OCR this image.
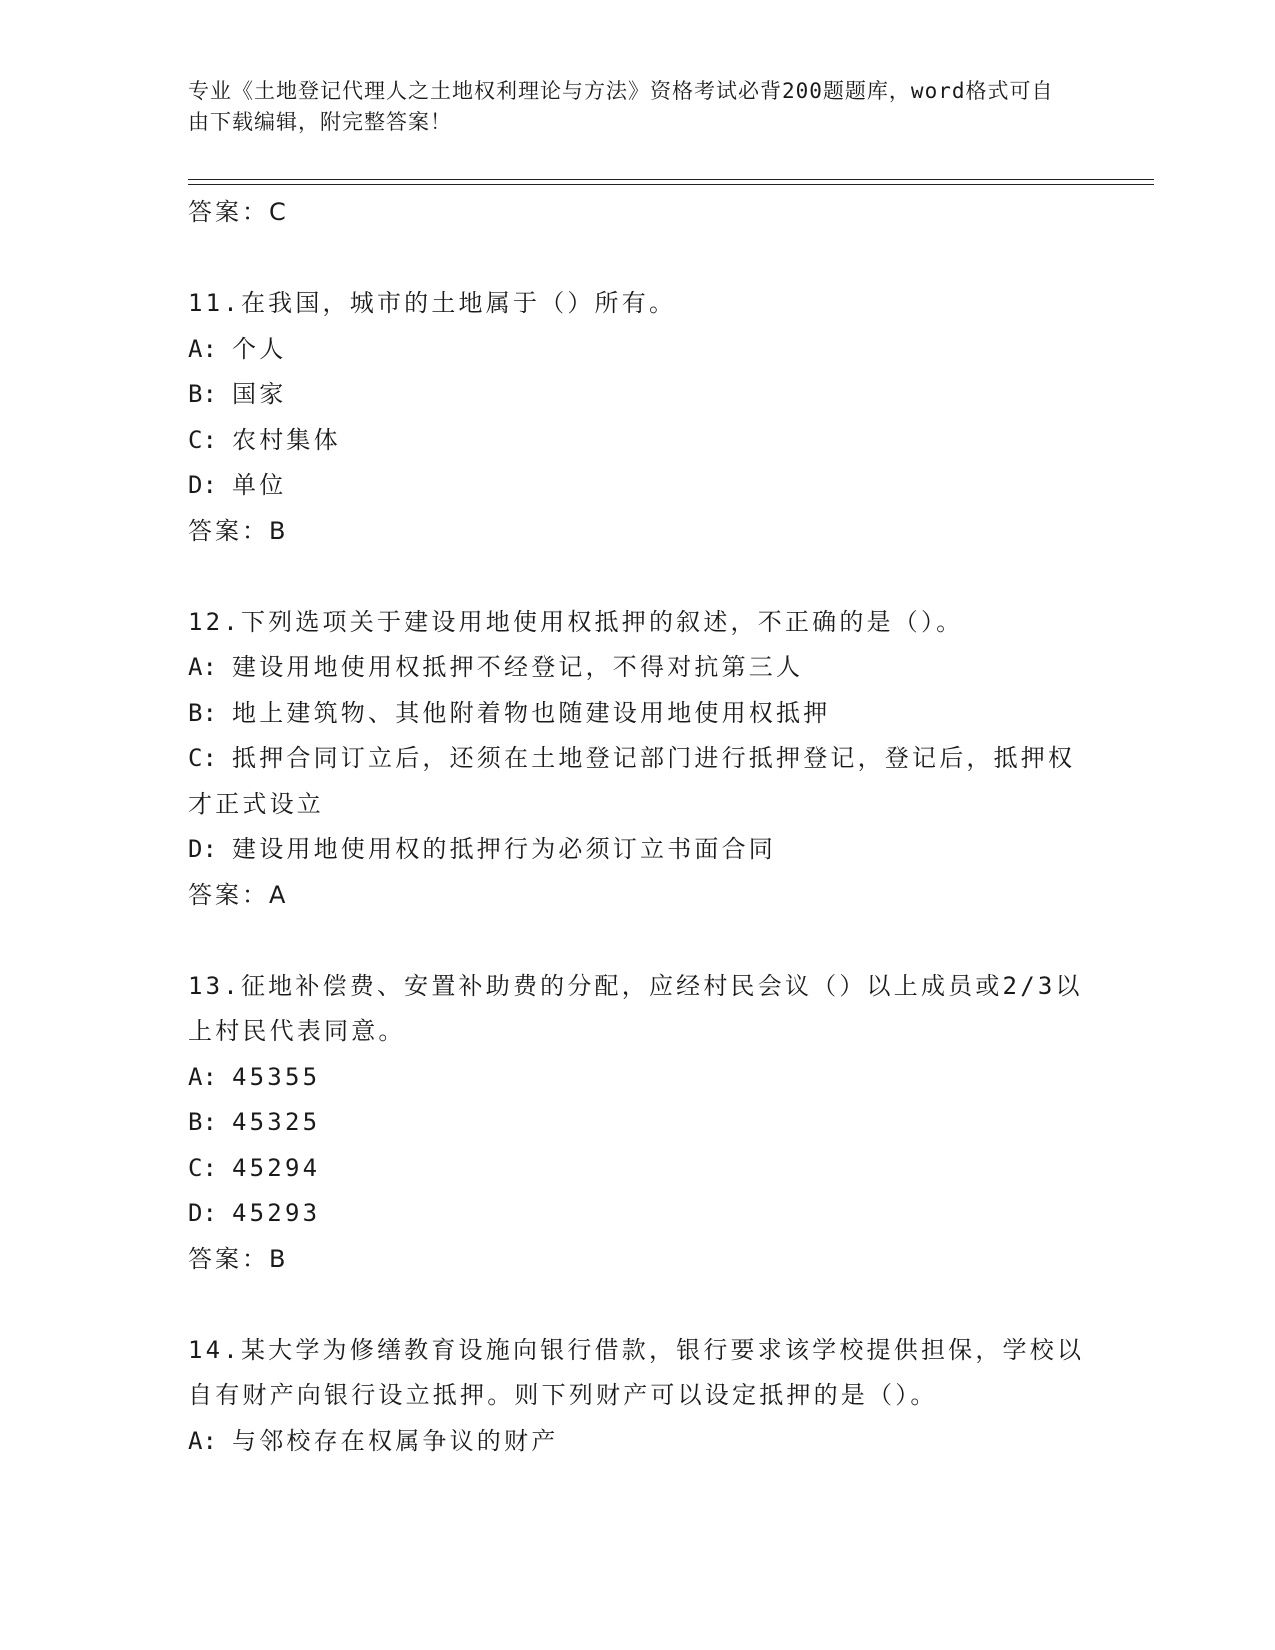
专业《土地登记代理人之土地权利理论与方法》资格考试必背200题题库，word格式可自由下载编辑，附完整答案！
答案：C

11.在我国，城市的土地属于（）所有。

A: 个人

B: 国家

C: 农村集体

D: 单位

答案：B

12.下列选项关于建设用地使用权抵押的叙述，不正确的是（）。

A: 建设用地使用权抵押不经登记，不得对抗第三人

B: 地上建筑物、其他附着物也随建设用地使用权抵押

C: 抵押合同订立后，还须在土地登记部门进行抵押登记，登记后，抵押权才正式设立

D: 建设用地使用权的抵押行为必须订立书面合同

答案：A

13.征地补偿费、安置补助费的分配，应经村民会议（）以上成员或2/3以上村民代表同意。

A: 45355

B: 45325

C: 45294

D: 45293

答案：B

14.某大学为修缮教育设施向银行借款，银行要求该学校提供担保，学校以自有财产向银行设立抵押。则下列财产可以设定抵押的是（）。

A: 与邻校存在权属争议的财产
